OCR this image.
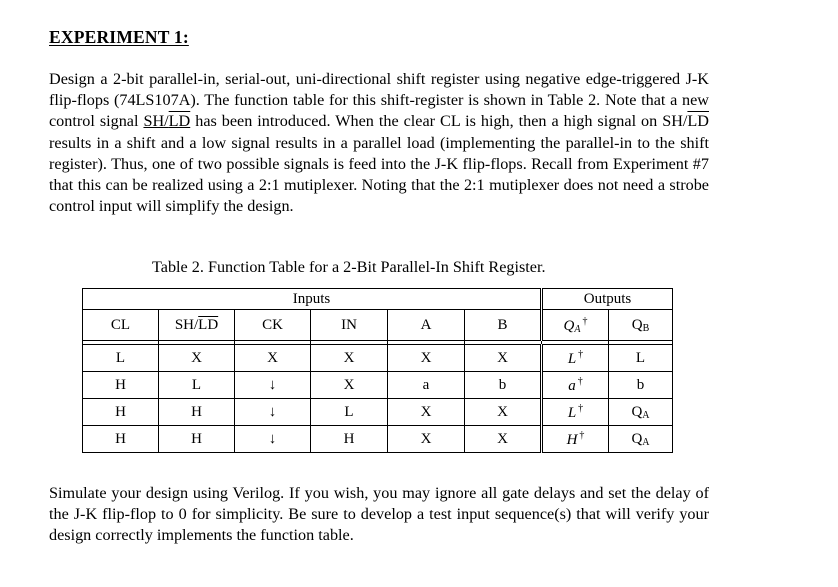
EXPERIMENT 1:
Design a 2-bit parallel-in, serial-out, uni-directional shift register using negative edge-triggered J-K flip-flops (74LS107A). The function table for this shift-register is shown in Table 2. Note that a new control signal SH/LD has been introduced. When the clear CL is high, then a high signal on $SH/\overline{LD}$ results in a shift and a low signal results in a parallel load (implementing the parallel-in to the shift register). Thus, one of two possible signals is feed into the J-K flip-flops. Recall from Experiment #7 that this can be realized using a 2:1 mutiplexer. Noting that the 2:1 mutiplexer does not need a strobe control input will simplify the design.
Table 2. Function Table for a 2-Bit Parallel-In Shift Register.
Inputs						Outputs	
CL	$SH/\overline{LD}$	CK	IN	A	B	$Q_A^\dagger$	$Q_B$

L	X	X	X	X	X	L †	L
H	L	↓	X	a	b	a †	b
H	H	↓	L	X	X	L †	$Q_A$
H	H	↓	H	X	X	H †	$Q_A$
Simulate your design using Verilog. If you wish, you may ignore all gate delays and set the delay of the J-K flip-flop to 0 for simplicity. Be sure to develop a test input sequence(s) that will verify your design correctly implements the function table.
